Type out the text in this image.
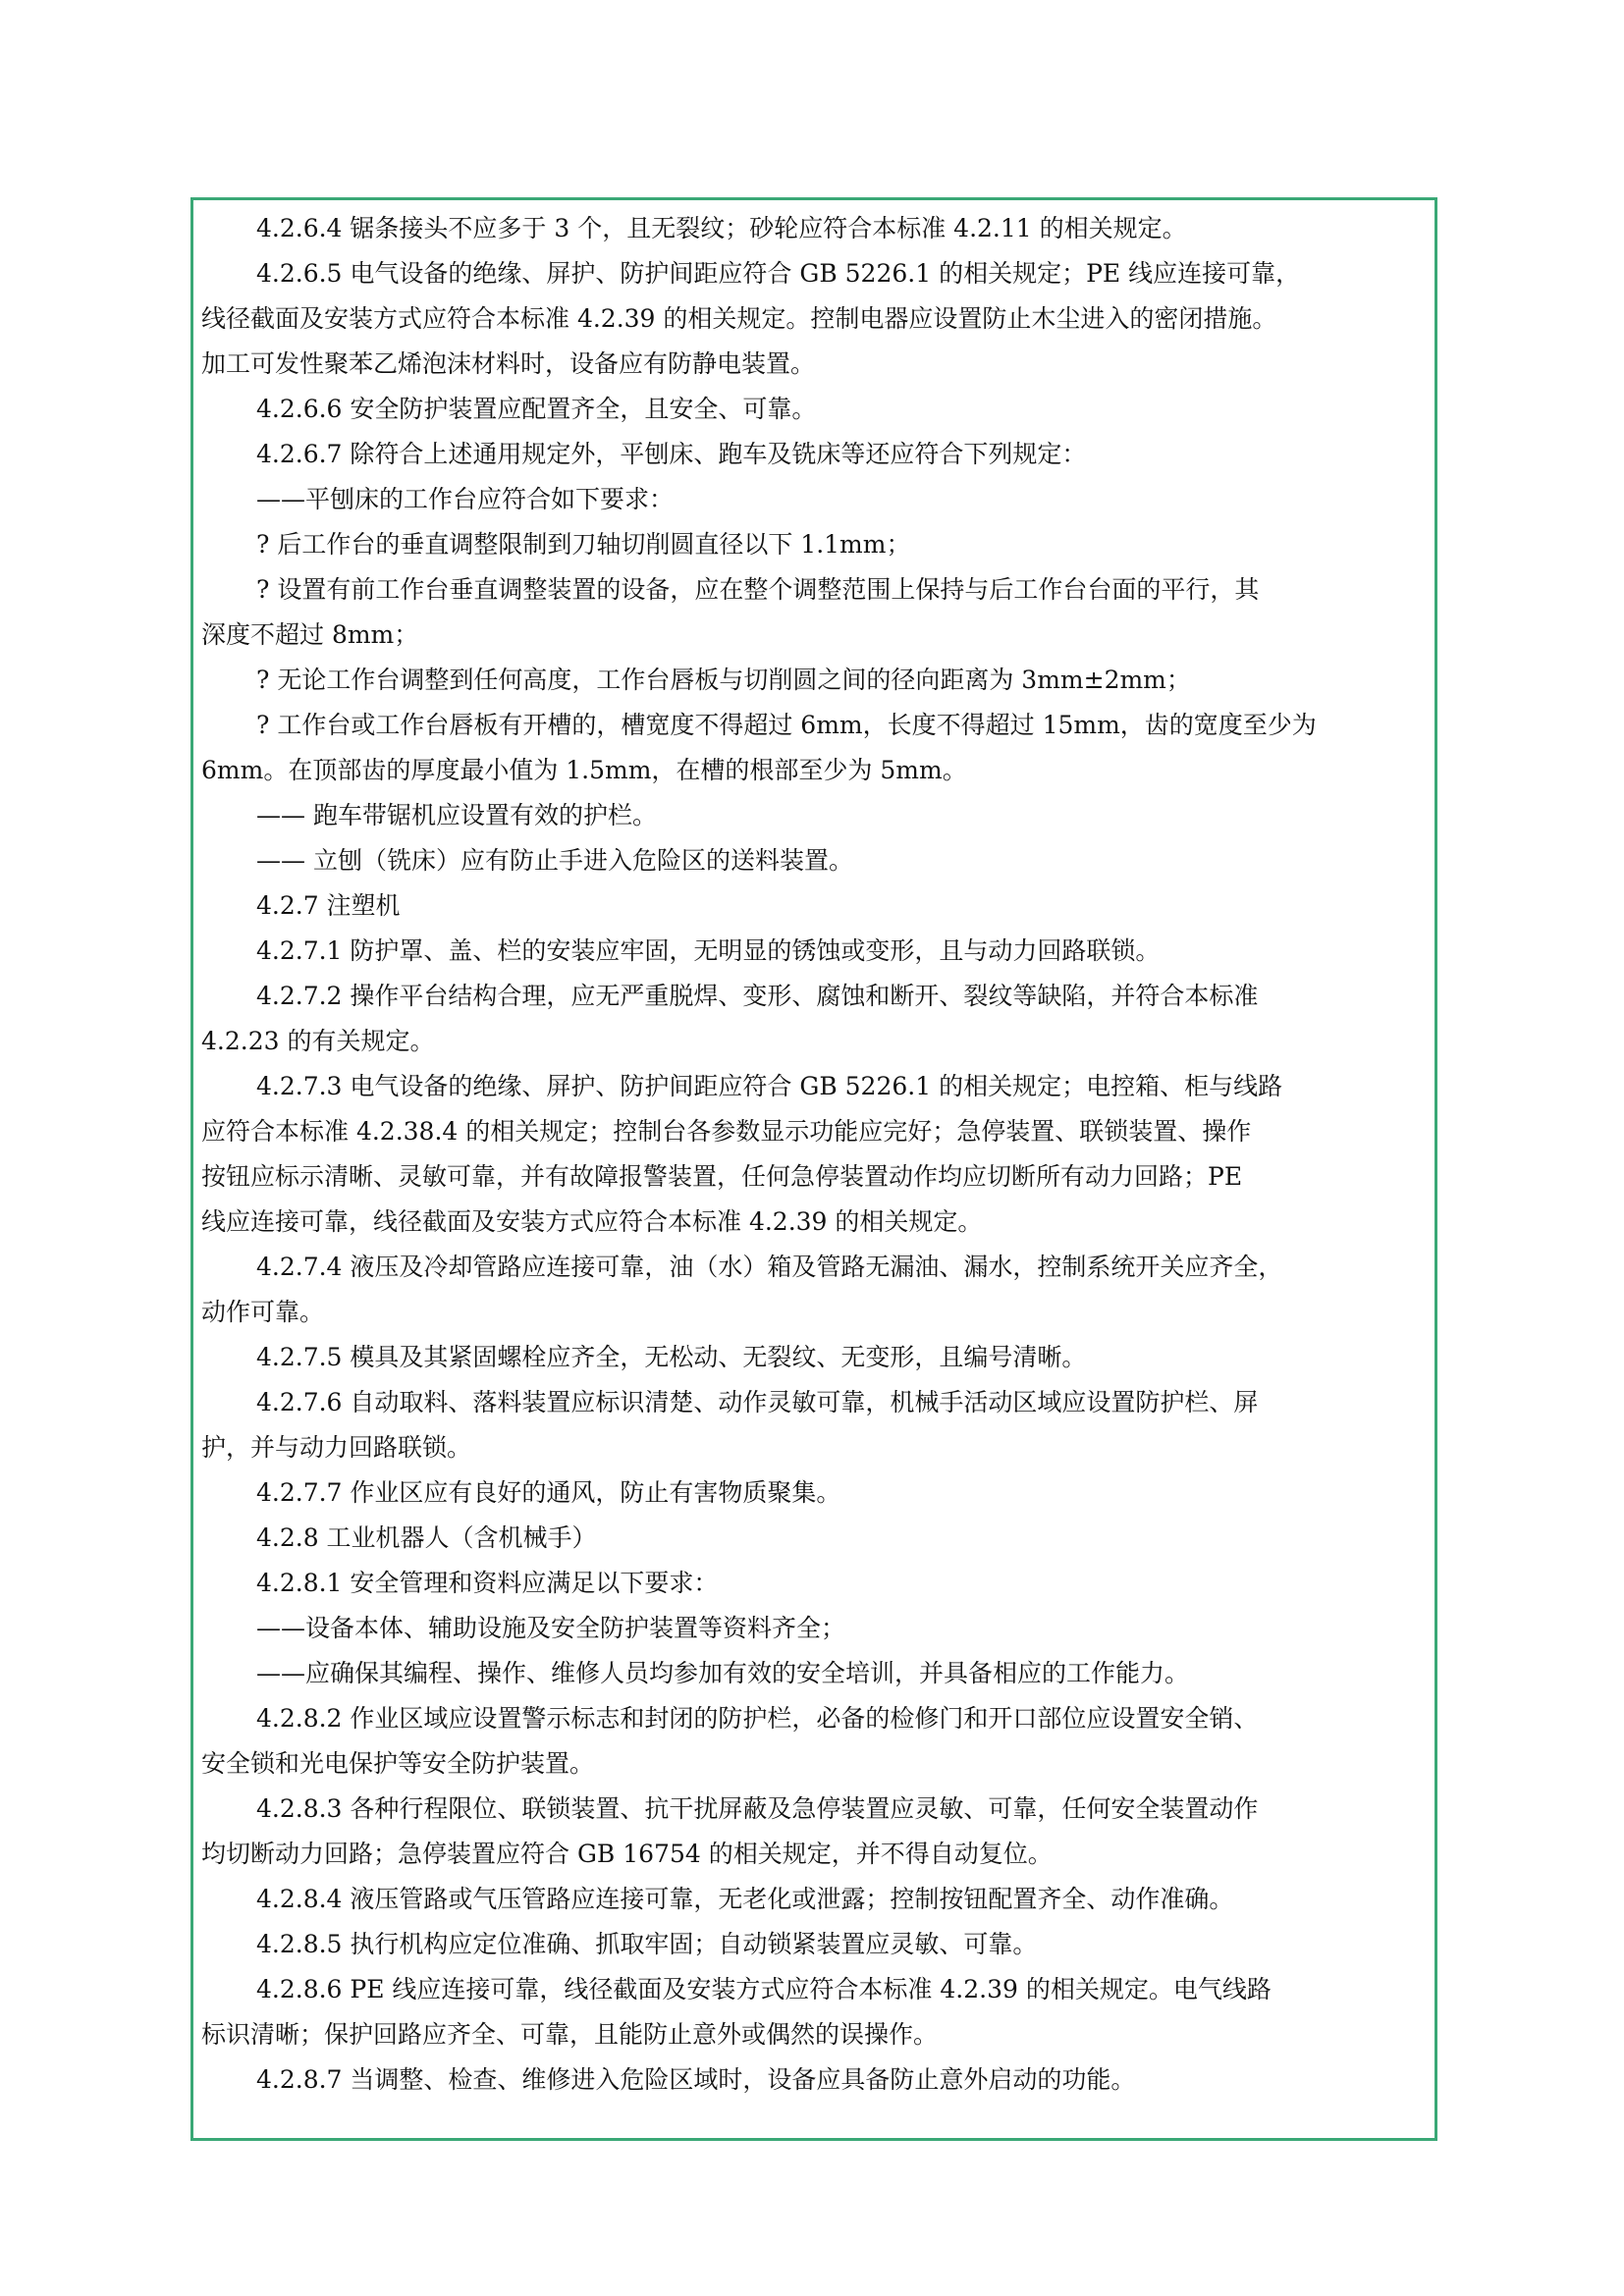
4.2.6.4 锯条接头不应多于 3 个，且无裂纹；砂轮应符合本标准 4.2.11 的相关规定。
4.2.6.5 电气设备的绝缘、屏护、防护间距应符合 GB 5226.1 的相关规定；PE 线应连接可靠，
线径截面及安装方式应符合本标准 4.2.39 的相关规定。控制电器应设置防止木尘进入的密闭措施。
加工可发性聚苯乙烯泡沫材料时，设备应有防静电装置。
4.2.6.6 安全防护装置应配置齐全，且安全、可靠。
4.2.6.7 除符合上述通用规定外，平刨床、跑车及铣床等还应符合下列规定：
——平刨床的工作台应符合如下要求：
? 后工作台的垂直调整限制到刀轴切削圆直径以下 1.1mm；
? 设置有前工作台垂直调整装置的设备，应在整个调整范围上保持与后工作台台面的平行，其
深度不超过 8mm；
? 无论工作台调整到任何高度，工作台唇板与切削圆之间的径向距离为 3mm±2mm；
? 工作台或工作台唇板有开槽的，槽宽度不得超过 6mm，长度不得超过 15mm，齿的宽度至少为
6mm。在顶部齿的厚度最小值为 1.5mm，在槽的根部至少为 5mm。
—— 跑车带锯机应设置有效的护栏。
—— 立刨（铣床）应有防止手进入危险区的送料装置。
4.2.7 注塑机
4.2.7.1 防护罩、盖、栏的安装应牢固，无明显的锈蚀或变形，且与动力回路联锁。
4.2.7.2 操作平台结构合理，应无严重脱焊、变形、腐蚀和断开、裂纹等缺陷，并符合本标准
4.2.23 的有关规定。
4.2.7.3 电气设备的绝缘、屏护、防护间距应符合 GB 5226.1 的相关规定；电控箱、柜与线路
应符合本标准 4.2.38.4 的相关规定；控制台各参数显示功能应完好；急停装置、联锁装置、操作
按钮应标示清晰、灵敏可靠，并有故障报警装置，任何急停装置动作均应切断所有动力回路；PE
线应连接可靠，线径截面及安装方式应符合本标准 4.2.39 的相关规定。
4.2.7.4 液压及冷却管路应连接可靠，油（水）箱及管路无漏油、漏水，控制系统开关应齐全，
动作可靠。
4.2.7.5 模具及其紧固螺栓应齐全，无松动、无裂纹、无变形，且编号清晰。
4.2.7.6 自动取料、落料装置应标识清楚、动作灵敏可靠，机械手活动区域应设置防护栏、屏
护，并与动力回路联锁。
4.2.7.7 作业区应有良好的通风，防止有害物质聚集。
4.2.8 工业机器人（含机械手）
4.2.8.1 安全管理和资料应满足以下要求：
——设备本体、辅助设施及安全防护装置等资料齐全；
——应确保其编程、操作、维修人员均参加有效的安全培训，并具备相应的工作能力。
4.2.8.2 作业区域应设置警示标志和封闭的防护栏，必备的检修门和开口部位应设置安全销、
安全锁和光电保护等安全防护装置。
4.2.8.3 各种行程限位、联锁装置、抗干扰屏蔽及急停装置应灵敏、可靠，任何安全装置动作
均切断动力回路；急停装置应符合 GB 16754 的相关规定，并不得自动复位。
4.2.8.4 液压管路或气压管路应连接可靠，无老化或泄露；控制按钮配置齐全、动作准确。
4.2.8.5 执行机构应定位准确、抓取牢固；自动锁紧装置应灵敏、可靠。
4.2.8.6 PE 线应连接可靠，线径截面及安装方式应符合本标准 4.2.39 的相关规定。电气线路
标识清晰；保护回路应齐全、可靠，且能防止意外或偶然的误操作。
4.2.8.7 当调整、检查、维修进入危险区域时，设备应具备防止意外启动的功能。
